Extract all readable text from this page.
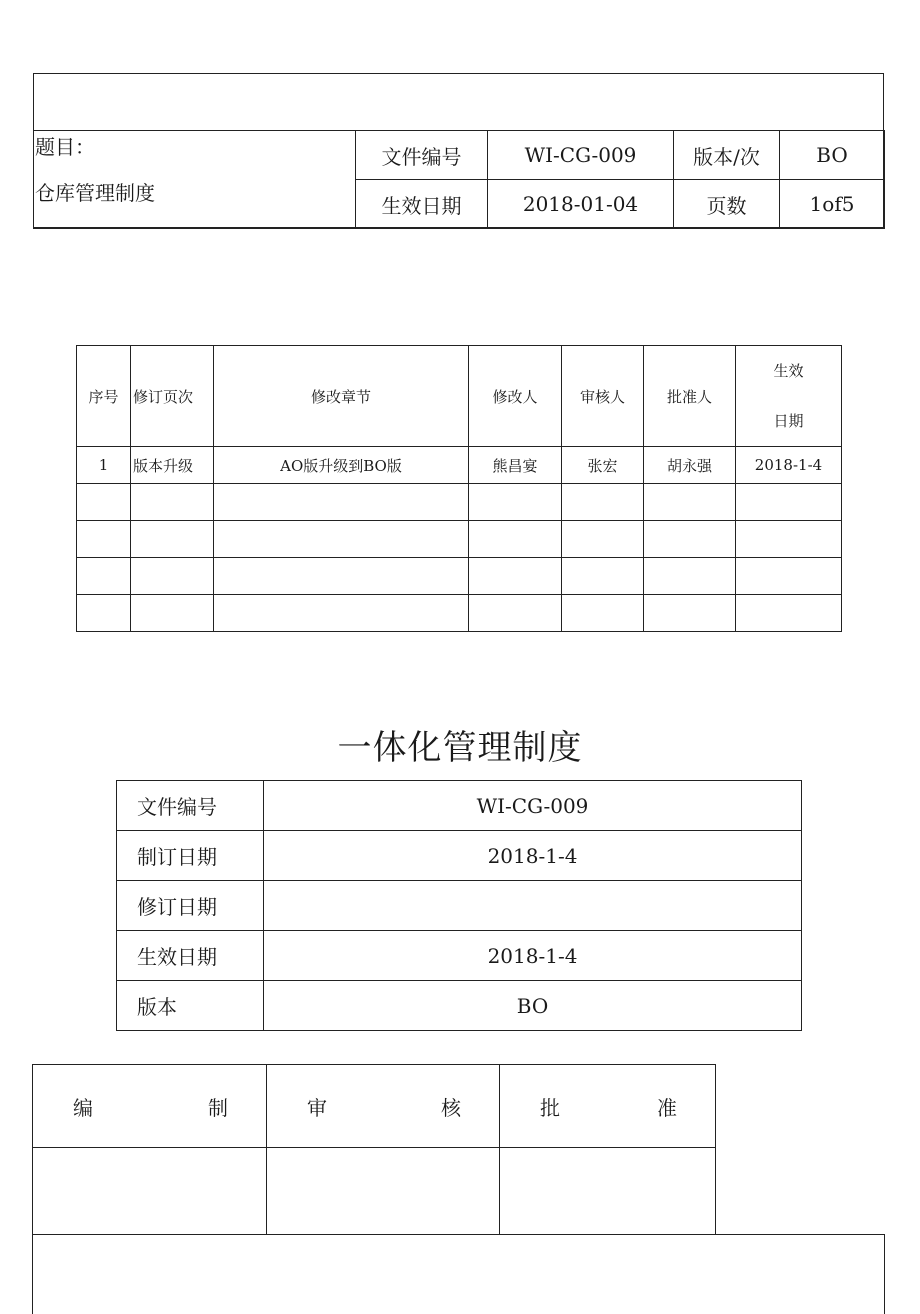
题目：
仓库管理制度	文件编号	WI-CG-009	版本/次	BO
	生效日期	2018-01-04	页数	1of5
序号	修订页次	修改章节	修改人	审核人	批准人	生效
日期

1	版本升级	AO版升级到BO版	熊昌宴	张宏	胡永强	2018-1-4

一体化管理制度
文件编号	WI-CG-009
制订日期	2018-1-4
修订日期	
生效日期	2018-1-4
版本	BO
编 制	审 核	批 准
